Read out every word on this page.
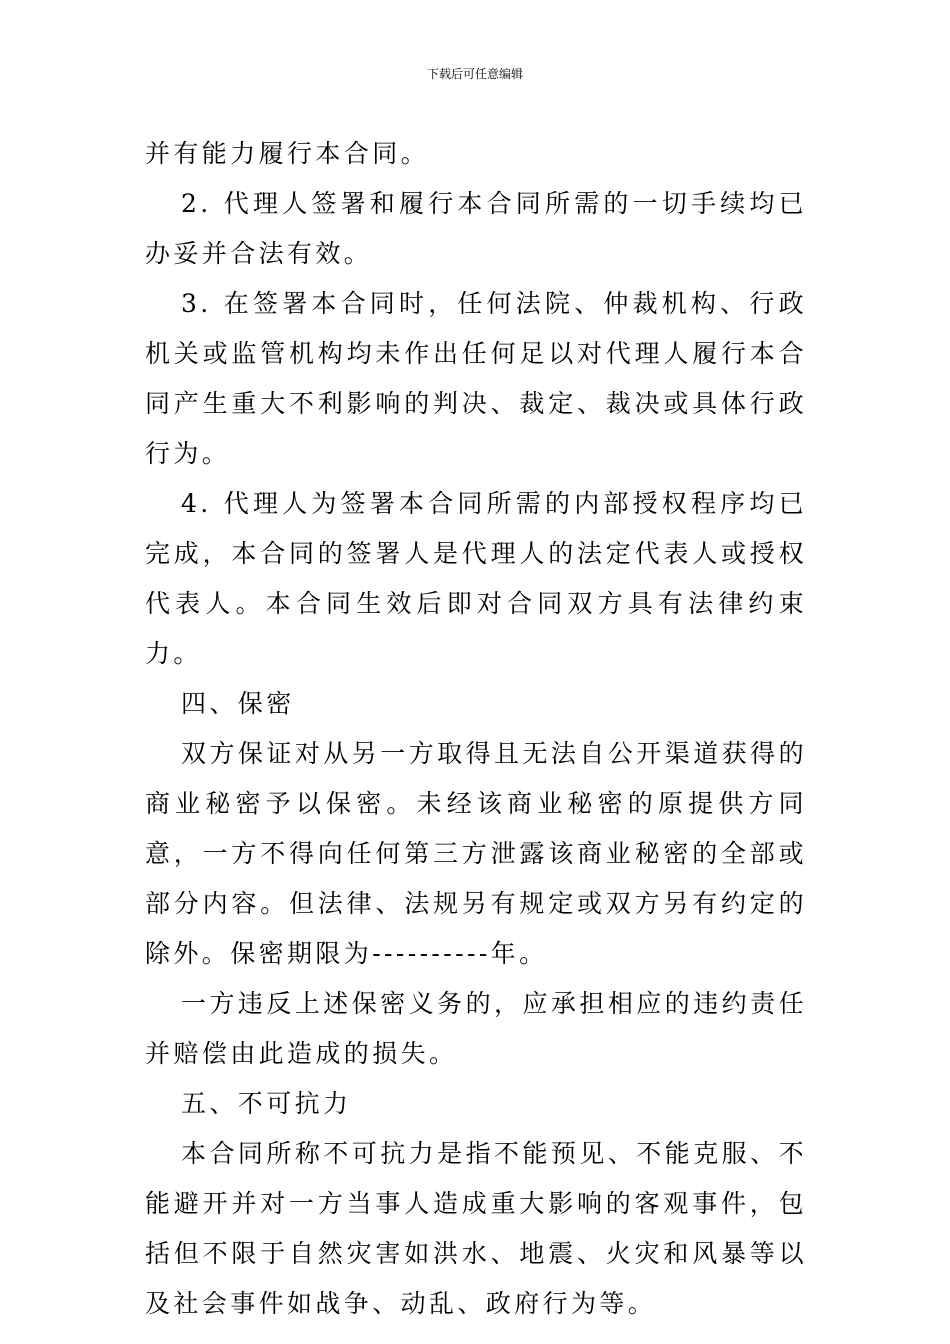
下载后可任意编辑

并有能力履行本合同。

2. 代理人签署和履行本合同所需的一切手续均已办妥并合法有效。

3. 在签署本合同时，任何法院、仲裁机构、行政机关或监管机构均未作出任何足以对代理人履行本合同产生重大不利影响的判决、裁定、裁决或具体行政行为。

4. 代理人为签署本合同所需的内部授权程序均已完成，本合同的签署人是代理人的法定代表人或授权代表人。本合同生效后即对合同双方具有法律约束力。

四、保密

双方保证对从另一方取得且无法自公开渠道获得的商业秘密予以保密。未经该商业秘密的原提供方同意，一方不得向任何第三方泄露该商业秘密的全部或部分内容。但法律、法规另有规定或双方另有约定的除外。保密期限为----------年。

一方违反上述保密义务的，应承担相应的违约责任并赔偿由此造成的损失。

五、不可抗力

本合同所称不可抗力是指不能预见、不能克服、不能避开并对一方当事人造成重大影响的客观事件，包括但不限于自然灾害如洪水、地震、火灾和风暴等以及社会事件如战争、动乱、政府行为等。
